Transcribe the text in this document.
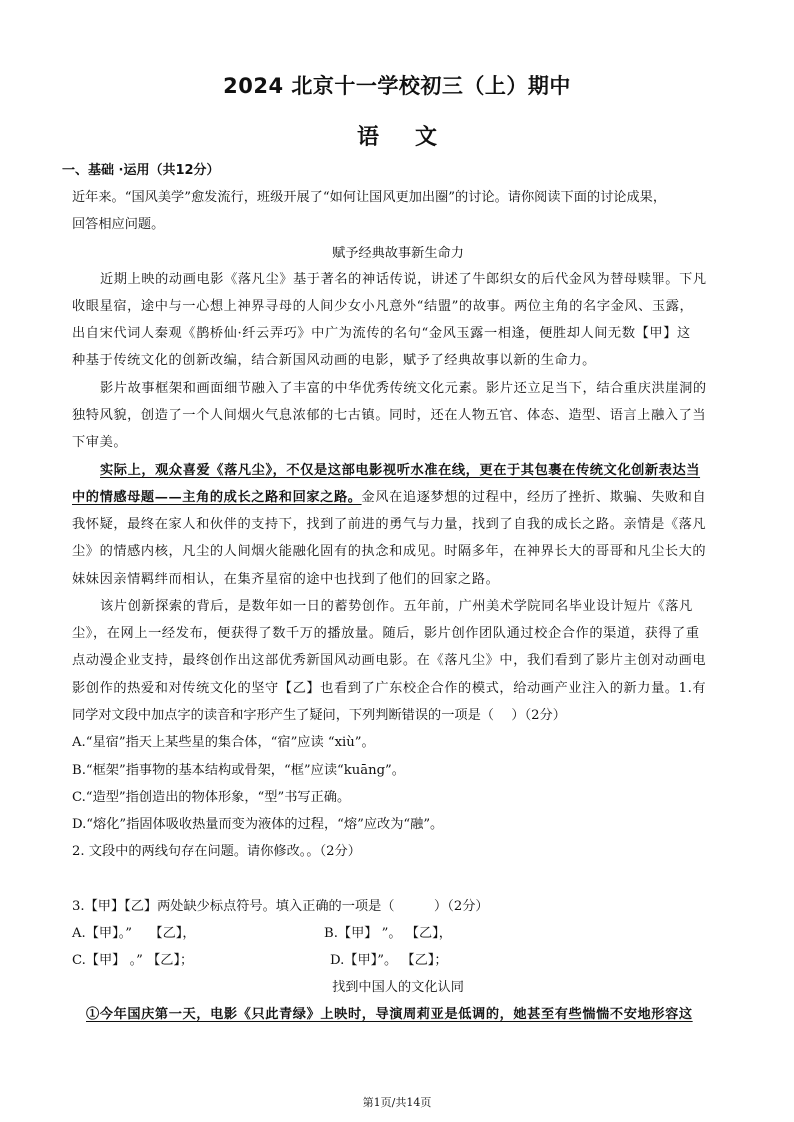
2024 北京十一学校初三（上）期中
语文
一、基础 ·运用（共12分）
近年来。“国风美学”愈发流行，班级开展了“如何让国风更加出圈”的讨论。请你阅读下面的讨论成果，
回答相应问题。
赋予经典故事新生命力
近期上映的动画电影《落凡尘》基于著名的神话传说，讲述了牛郎织女的后代金风为替母赎罪。下凡
收眼星宿，途中与一心想上神界寻母的人间少女小凡意外“结盟”的故事。两位主角的名字金风、玉露，
出自宋代词人秦观《鹊桥仙·纤云弄巧》中广为流传的名句“金风玉露一相逢，便胜却人间无数【甲】这
种基于传统文化的创新改编，结合新国风动画的电影，赋予了经典故事以新的生命力。
影片故事框架和画面细节融入了丰富的中华优秀传统文化元素。影片还立足当下，结合重庆洪崖洞的
独特风貌，创造了一个人间烟火气息浓郁的七古镇。同时，还在人物五官、体态、造型、语言上融入了当
下审美。
实际上，观众喜爱《落凡尘》，不仅是这部电影视听水准在线，更在于其包裹在传统文化创新表达当
中的情感母题——主角的成长之路和回家之路。金风在追逐梦想的过程中，经历了挫折、欺骗、失败和自
我怀疑，最终在家人和伙伴的支持下，找到了前进的勇气与力量，找到了自我的成长之路。亲情是《落凡
尘》的情感内核，凡尘的人间烟火能融化固有的执念和成见。时隔多年，在神界长大的哥哥和凡尘长大的
妹妹因亲情羁绊而相认，在集齐星宿的途中也找到了他们的回家之路。
该片创新探索的背后，是数年如一日的蓄势创作。五年前，广州美术学院同名毕业设计短片《落凡
尘》，在网上一经发布，便获得了数千万的播放量。随后，影片创作团队通过校企合作的渠道，获得了重
点动漫企业支持，最终创作出这部优秀新国风动画电影。在《落凡尘》中，我们看到了影片主创对动画电
影创作的热爱和对传统文化的坚守【乙】也看到了广东校企合作的模式，给动画产业注入的新力量。1.有
同学对文段中加点字的读音和字形产生了疑问，下列判断错误的一项是（　 ）（2分）
A.“星宿”指天上某些星的集合体，“宿”应读 “xiù”。
B.“框架”指事物的基本结构或骨架，“框”应读“kuāng”。
C.“造型”指创造出的物体形象，“型”书写正确。
D.“熔化”指固体吸收热量而变为液体的过程，“熔”应改为“融”。
2. 文段中的两线句存在问题。请你修改。。（2分）
3.【甲】【乙】两处缺少标点符号。填入正确的一项是（　　　）（2分）
A.【甲】。”　 【乙】，	B.【甲】 ”。 【乙】，
C.【甲】 。” 【乙】；	D.【甲】”。 【乙】；
找到中国人的文化认同
①今年国庆第一天，电影《只此青绿》上映时，导演周莉亚是低调的，她甚至有些惴惴不安地形容这
第1页/共14页
